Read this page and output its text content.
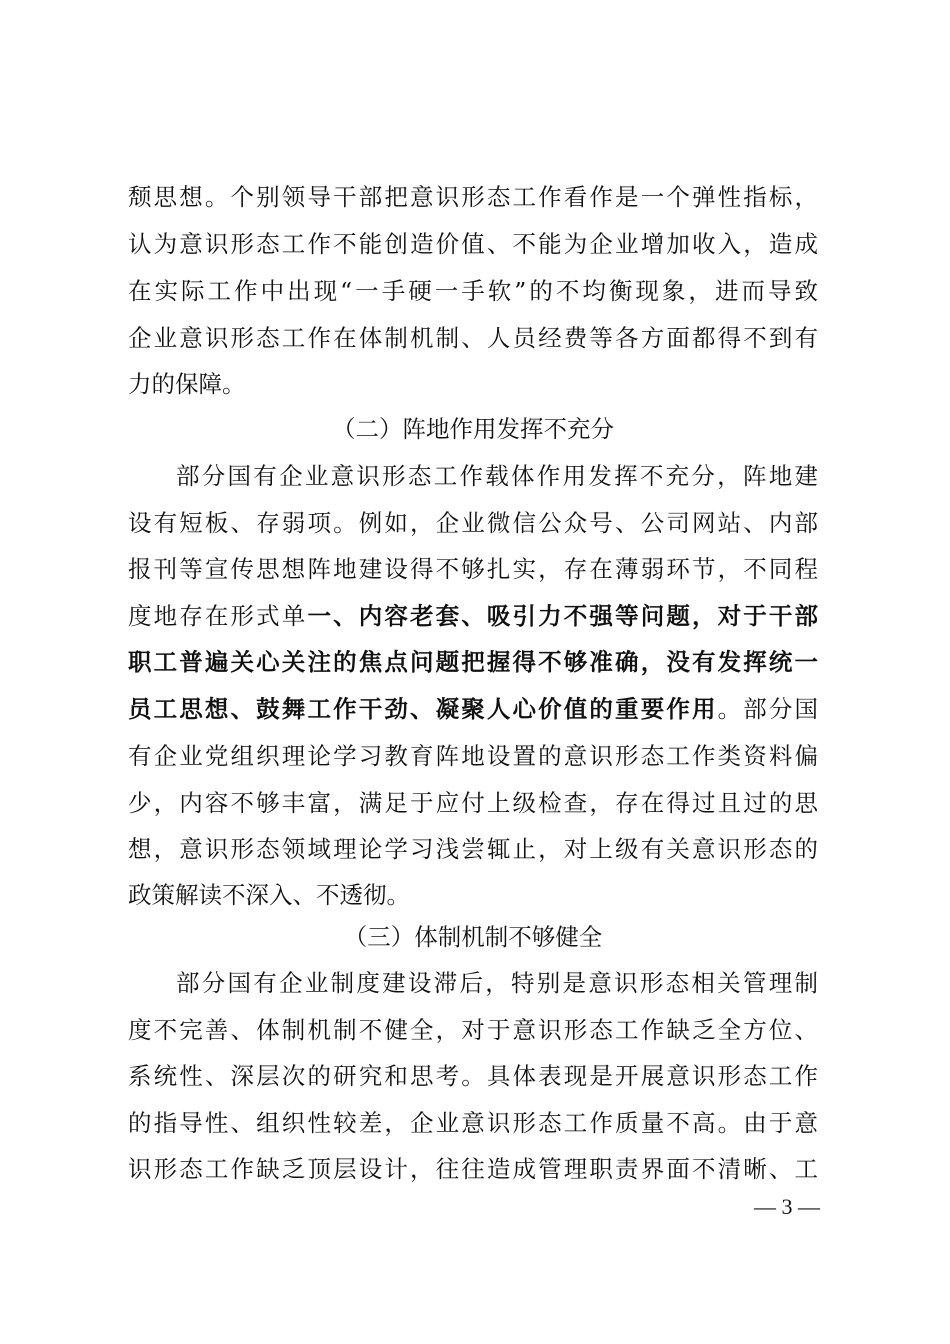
颓思想。个别领导干部把意识形态工作看作是一个弹性指标，
认为意识形态工作不能创造价值、不能为企业增加收入，造成
在实际工作中出现“一手硬一手软”的不均衡现象，进而导致
企业意识形态工作在体制机制、人员经费等各方面都得不到有
力的保障。
（二）阵地作用发挥不充分
部分国有企业意识形态工作载体作用发挥不充分，阵地建
设有短板、存弱项。例如，企业微信公众号、公司网站、内部
报刊等宣传思想阵地建设得不够扎实，存在薄弱环节，不同程
度地存在形式单一、内容老套、吸引力不强等问题，对于干部
职工普遍关心关注的焦点问题把握得不够准确，没有发挥统一
员工思想、鼓舞工作干劲、凝聚人心价值的重要作用。部分国
有企业党组织理论学习教育阵地设置的意识形态工作类资料偏
少，内容不够丰富，满足于应付上级检查，存在得过且过的思
想，意识形态领域理论学习浅尝辄止，对上级有关意识形态的
政策解读不深入、不透彻。
（三）体制机制不够健全
部分国有企业制度建设滞后，特别是意识形态相关管理制
度不完善、体制机制不健全，对于意识形态工作缺乏全方位、
系统性、深层次的研究和思考。具体表现是开展意识形态工作
的指导性、组织性较差，企业意识形态工作质量不高。由于意
识形态工作缺乏顶层设计，往往造成管理职责界面不清晰、工
— 3 —
